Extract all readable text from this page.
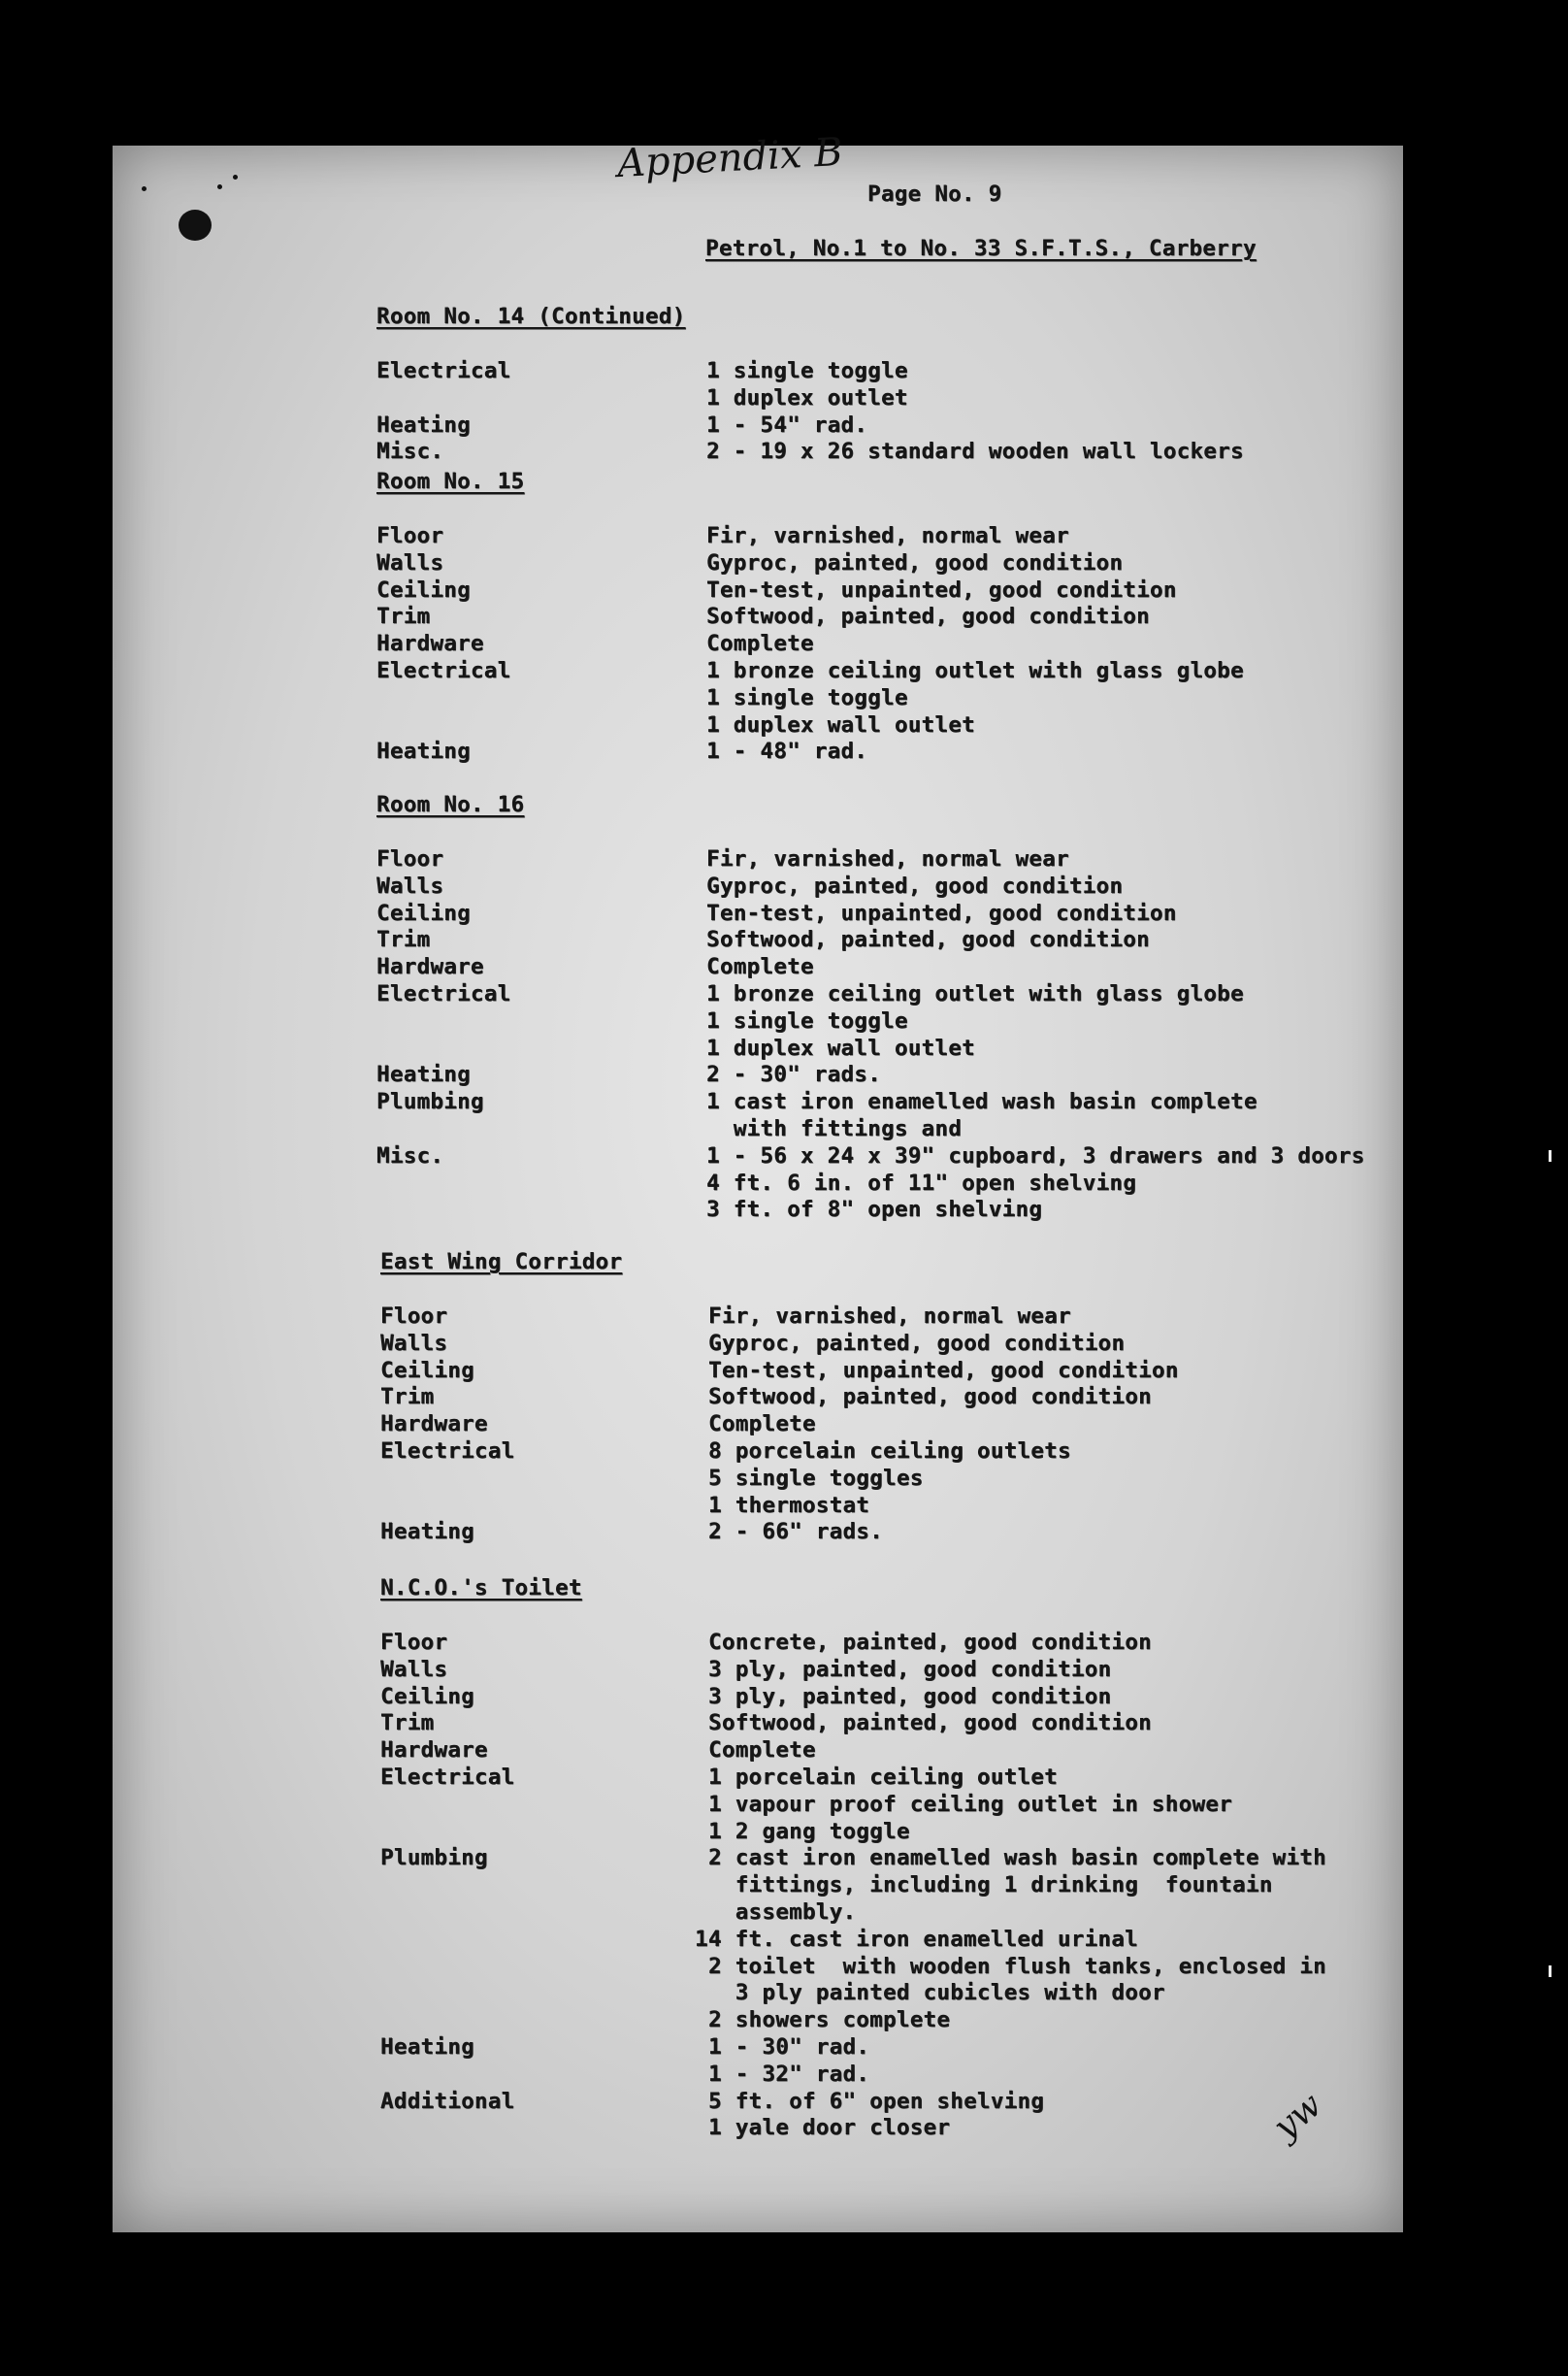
Appendix B
Page No. 9
Petrol, No.1 to No. 33 S.F.T.S., Carberry
Room No. 14 (Continued)
Electrical	1 single toggle
1 duplex outlet
Heating	1 - 54" rad.
Misc.	2 - 19 x 26 standard wooden wall lockers
Room No. 15
Floor	Fir, varnished, normal wear
Walls	Gyproc, painted, good condition
Ceiling	Ten-test, unpainted, good condition
Trim	Softwood, painted, good condition
Hardware	Complete
Electrical	1 bronze ceiling outlet with glass globe
1 single toggle
1 duplex wall outlet
Heating	1 - 48" rad.
Room No. 16
Floor	Fir, varnished, normal wear
Walls	Gyproc, painted, good condition
Ceiling	Ten-test, unpainted, good condition
Trim	Softwood, painted, good condition
Hardware	Complete
Electrical	1 bronze ceiling outlet with glass globe
1 single toggle
1 duplex wall outlet
Heating	2 - 30" rads.
Plumbing	1 cast iron enamelled wash basin complete
with fittings and
Misc.	1 - 56 x 24 x 39" cupboard, 3 drawers and 3 doors
4 ft. 6 in. of 11" open shelving
3 ft. of 8" open shelving
East Wing Corridor
Floor	Fir, varnished, normal wear
Walls	Gyproc, painted, good condition
Ceiling	Ten-test, unpainted, good condition
Trim	Softwood, painted, good condition
Hardware	Complete
Electrical	8 porcelain ceiling outlets
5 single toggles
1 thermostat
Heating	2 - 66" rads.
N.C.O.'s Toilet
Floor	Concrete, painted, good condition
Walls	3 ply, painted, good condition
Ceiling	3 ply, painted, good condition
Trim	Softwood, painted, good condition
Hardware	Complete
Electrical	1 porcelain ceiling outlet
1 vapour proof ceiling outlet in shower
1 2 gang toggle
Plumbing	2 cast iron enamelled wash basin complete with
fittings, including 1 drinking  fountain
assembly.
14 ft. cast iron enamelled urinal
2 toilet  with wooden flush tanks, enclosed in
3 ply painted cubicles with door
2 showers complete
Heating	1 - 30" rad.
1 - 32" rad.
Additional	5 ft. of 6" open shelving
1 yale door closer	yw
